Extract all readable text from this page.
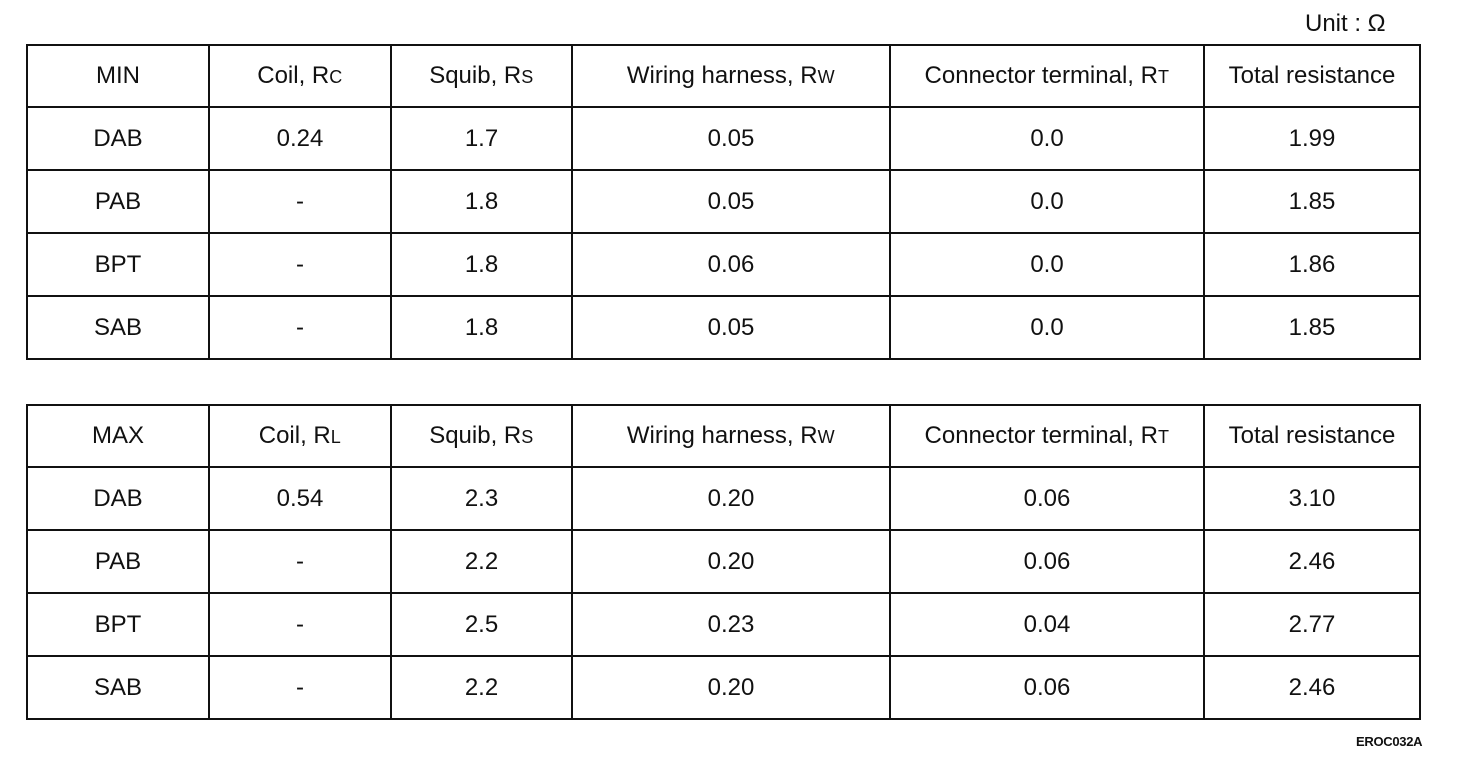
Unit : Ω
MIN	Coil, RC	Squib, RS	Wiring harness, RW	Connector terminal, RT	Total resistance
DAB	0.24	1.7	0.05	0.0	1.99
PAB	-	1.8	0.05	0.0	1.85
BPT	-	1.8	0.06	0.0	1.86
SAB	-	1.8	0.05	0.0	1.85
MAX	Coil, RL	Squib, RS	Wiring harness, RW	Connector terminal, RT	Total resistance
DAB	0.54	2.3	0.20	0.06	3.10
PAB	-	2.2	0.20	0.06	2.46
BPT	-	2.5	0.23	0.04	2.77
SAB	-	2.2	0.20	0.06	2.46
EROC032A
